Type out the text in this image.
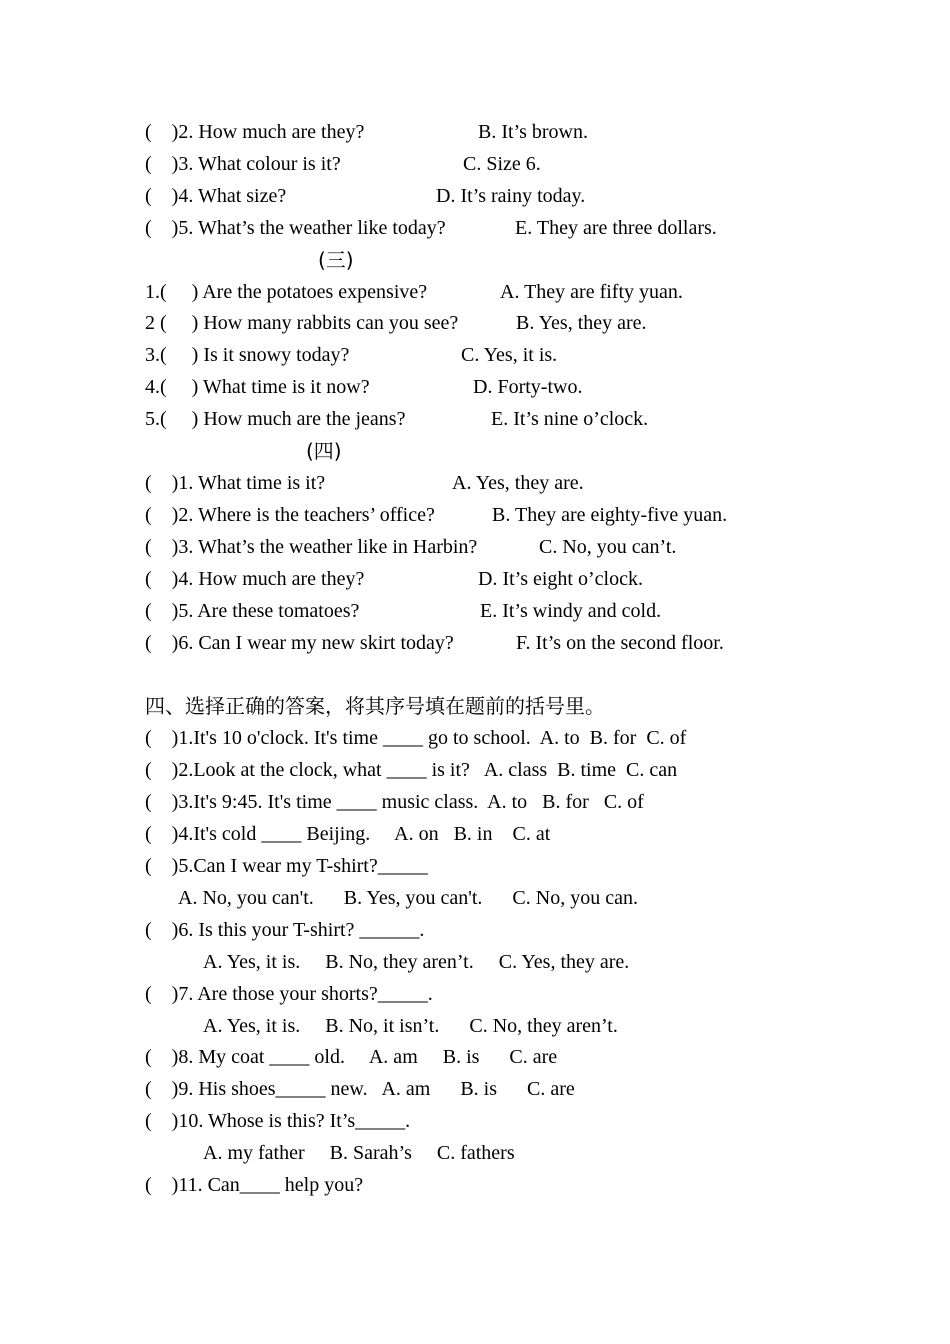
(    )2. How much are they?	B. It’s brown.
(    )3. What colour is it?	C. Size 6.
(    )4. What size?	D. It’s rainy today.
(    )5. What’s the weather like today?	E. They are three dollars.
(三)
1.(     ) Are the potatoes expensive?	A. They are fifty yuan.
2 (     ) How many rabbits can you see?	B. Yes, they are.
3.(     ) Is it snowy today?	C. Yes, it is.
4.(     ) What time is it now?	D. Forty-two.
5.(     ) How much are the jeans?	E. It’s nine o’clock.
(四)
(    )1. What time is it?	A. Yes, they are.
(    )2. Where is the teachers’ office?	B. They are eighty-five yuan.
(    )3. What’s the weather like in Harbin?	C. No, you can’t.
(    )4. How much are they?	D. It’s eight o’clock.
(    )5. Are these tomatoes?	E. It’s windy and cold.
(    )6. Can I wear my new skirt today?	F. It’s on the second floor.
四、选择正确的答案，将其序号填在题前的括号里。
(    )1.It's 10 o'clock. It's time ____ go to school.  A. to  B. for  C. of
(    )2.Look at the clock, what ____ is it?   A. class  B. time  C. can
(    )3.It's 9:45. It's time ____ music class.  A. to   B. for   C. of
(    )4.It's cold ____ Beijing.     A. on   B. in    C. at
(    )5.Can I wear my T-shirt?_____
A. No, you can't.      B. Yes, you can't.      C. No, you can.
(    )6. Is this your T-shirt? ______.
A. Yes, it is.     B. No, they aren’t.     C. Yes, they are.
(    )7. Are those your shorts?_____.
A. Yes, it is.     B. No, it isn’t.      C. No, they aren’t.
(    )8. My coat ____ old.     A. am     B. is      C. are
(    )9. His shoes_____ new.   A. am      B. is      C. are
(    )10. Whose is this? It’s_____.
A. my father     B. Sarah’s     C. fathers
(    )11. Can____ help you?
